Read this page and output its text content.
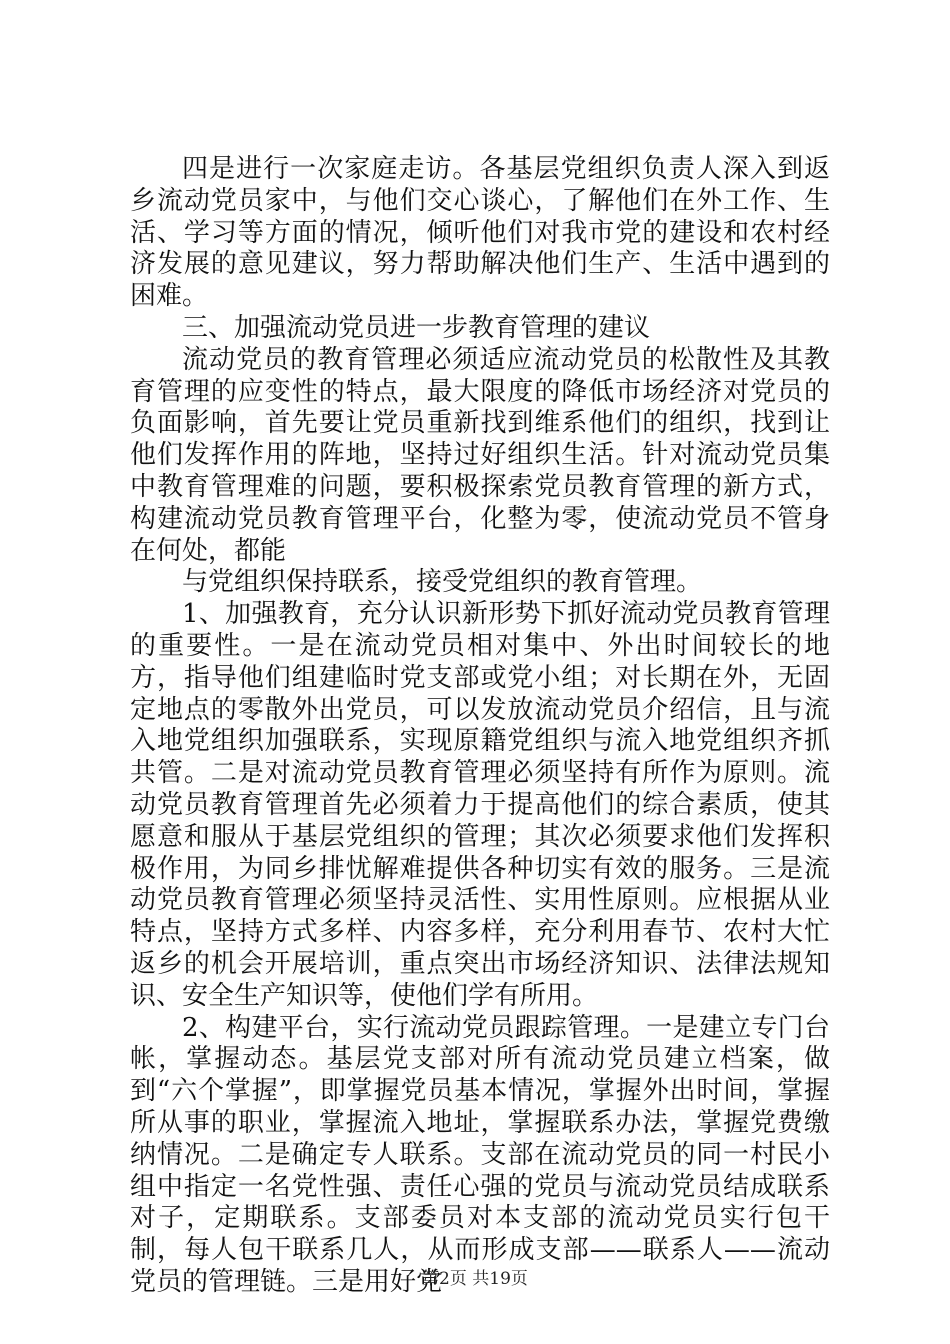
四是进行一次家庭走访。各基层党组织负责人深入到返乡流动党员家中，与他们交心谈心，了解他们在外工作、生活、学习等方面的情况，倾听他们对我市党的建设和农村经济发展的意见建议，努力帮助解决他们生产、生活中遇到的困难。

三、加强流动党员进一步教育管理的建议

流动党员的教育管理必须适应流动党员的松散性及其教育管理的应变性的特点，最大限度的降低市场经济对党员的负面影响，首先要让党员重新找到维系他们的组织，找到让他们发挥作用的阵地，坚持过好组织生活。针对流动党员集中教育管理难的问题，要积极探索党员教育管理的新方式，构建流动党员教育管理平台，化整为零，使流动党员不管身在何处，都能

与党组织保持联系，接受党组织的教育管理。

1、加强教育，充分认识新形势下抓好流动党员教育管理的重要性。一是在流动党员相对集中、外出时间较长的地方，指导他们组建临时党支部或党小组；对长期在外，无固定地点的零散外出党员，可以发放流动党员介绍信，且与流入地党组织加强联系，实现原籍党组织与流入地党组织齐抓共管。二是对流动党员教育管理必须坚持有所作为原则。流动党员教育管理首先必须着力于提高他们的综合素质，使其愿意和服从于基层党组织的管理；其次必须要求他们发挥积极作用，为同乡排忧解难提供各种切实有效的服务。三是流动党员教育管理必须坚持灵活性、实用性原则。应根据从业特点，坚持方式多样、内容多样，充分利用春节、农村大忙返乡的机会开展培训，重点突出市场经济知识、法律法规知识、安全生产知识等，使他们学有所用。

2、构建平台，实行流动党员跟踪管理。一是建立专门台帐，掌握动态。基层党支部对所有流动党员建立档案，做到“六个掌握”，即掌握党员基本情况，掌握外出时间，掌握所从事的职业，掌握流入地址，掌握联系办法，掌握党费缴纳情况。二是确定专人联系。支部在流动党员的同一村民小组中指定一名党性强、责任心强的党员与流动党员结成联系对子，定期联系。支部委员对本支部的流动党员实行包干制，每人包干联系几人，从而形成支部——联系人——流动党员的管理链。三是用好党

第2页 共19页
